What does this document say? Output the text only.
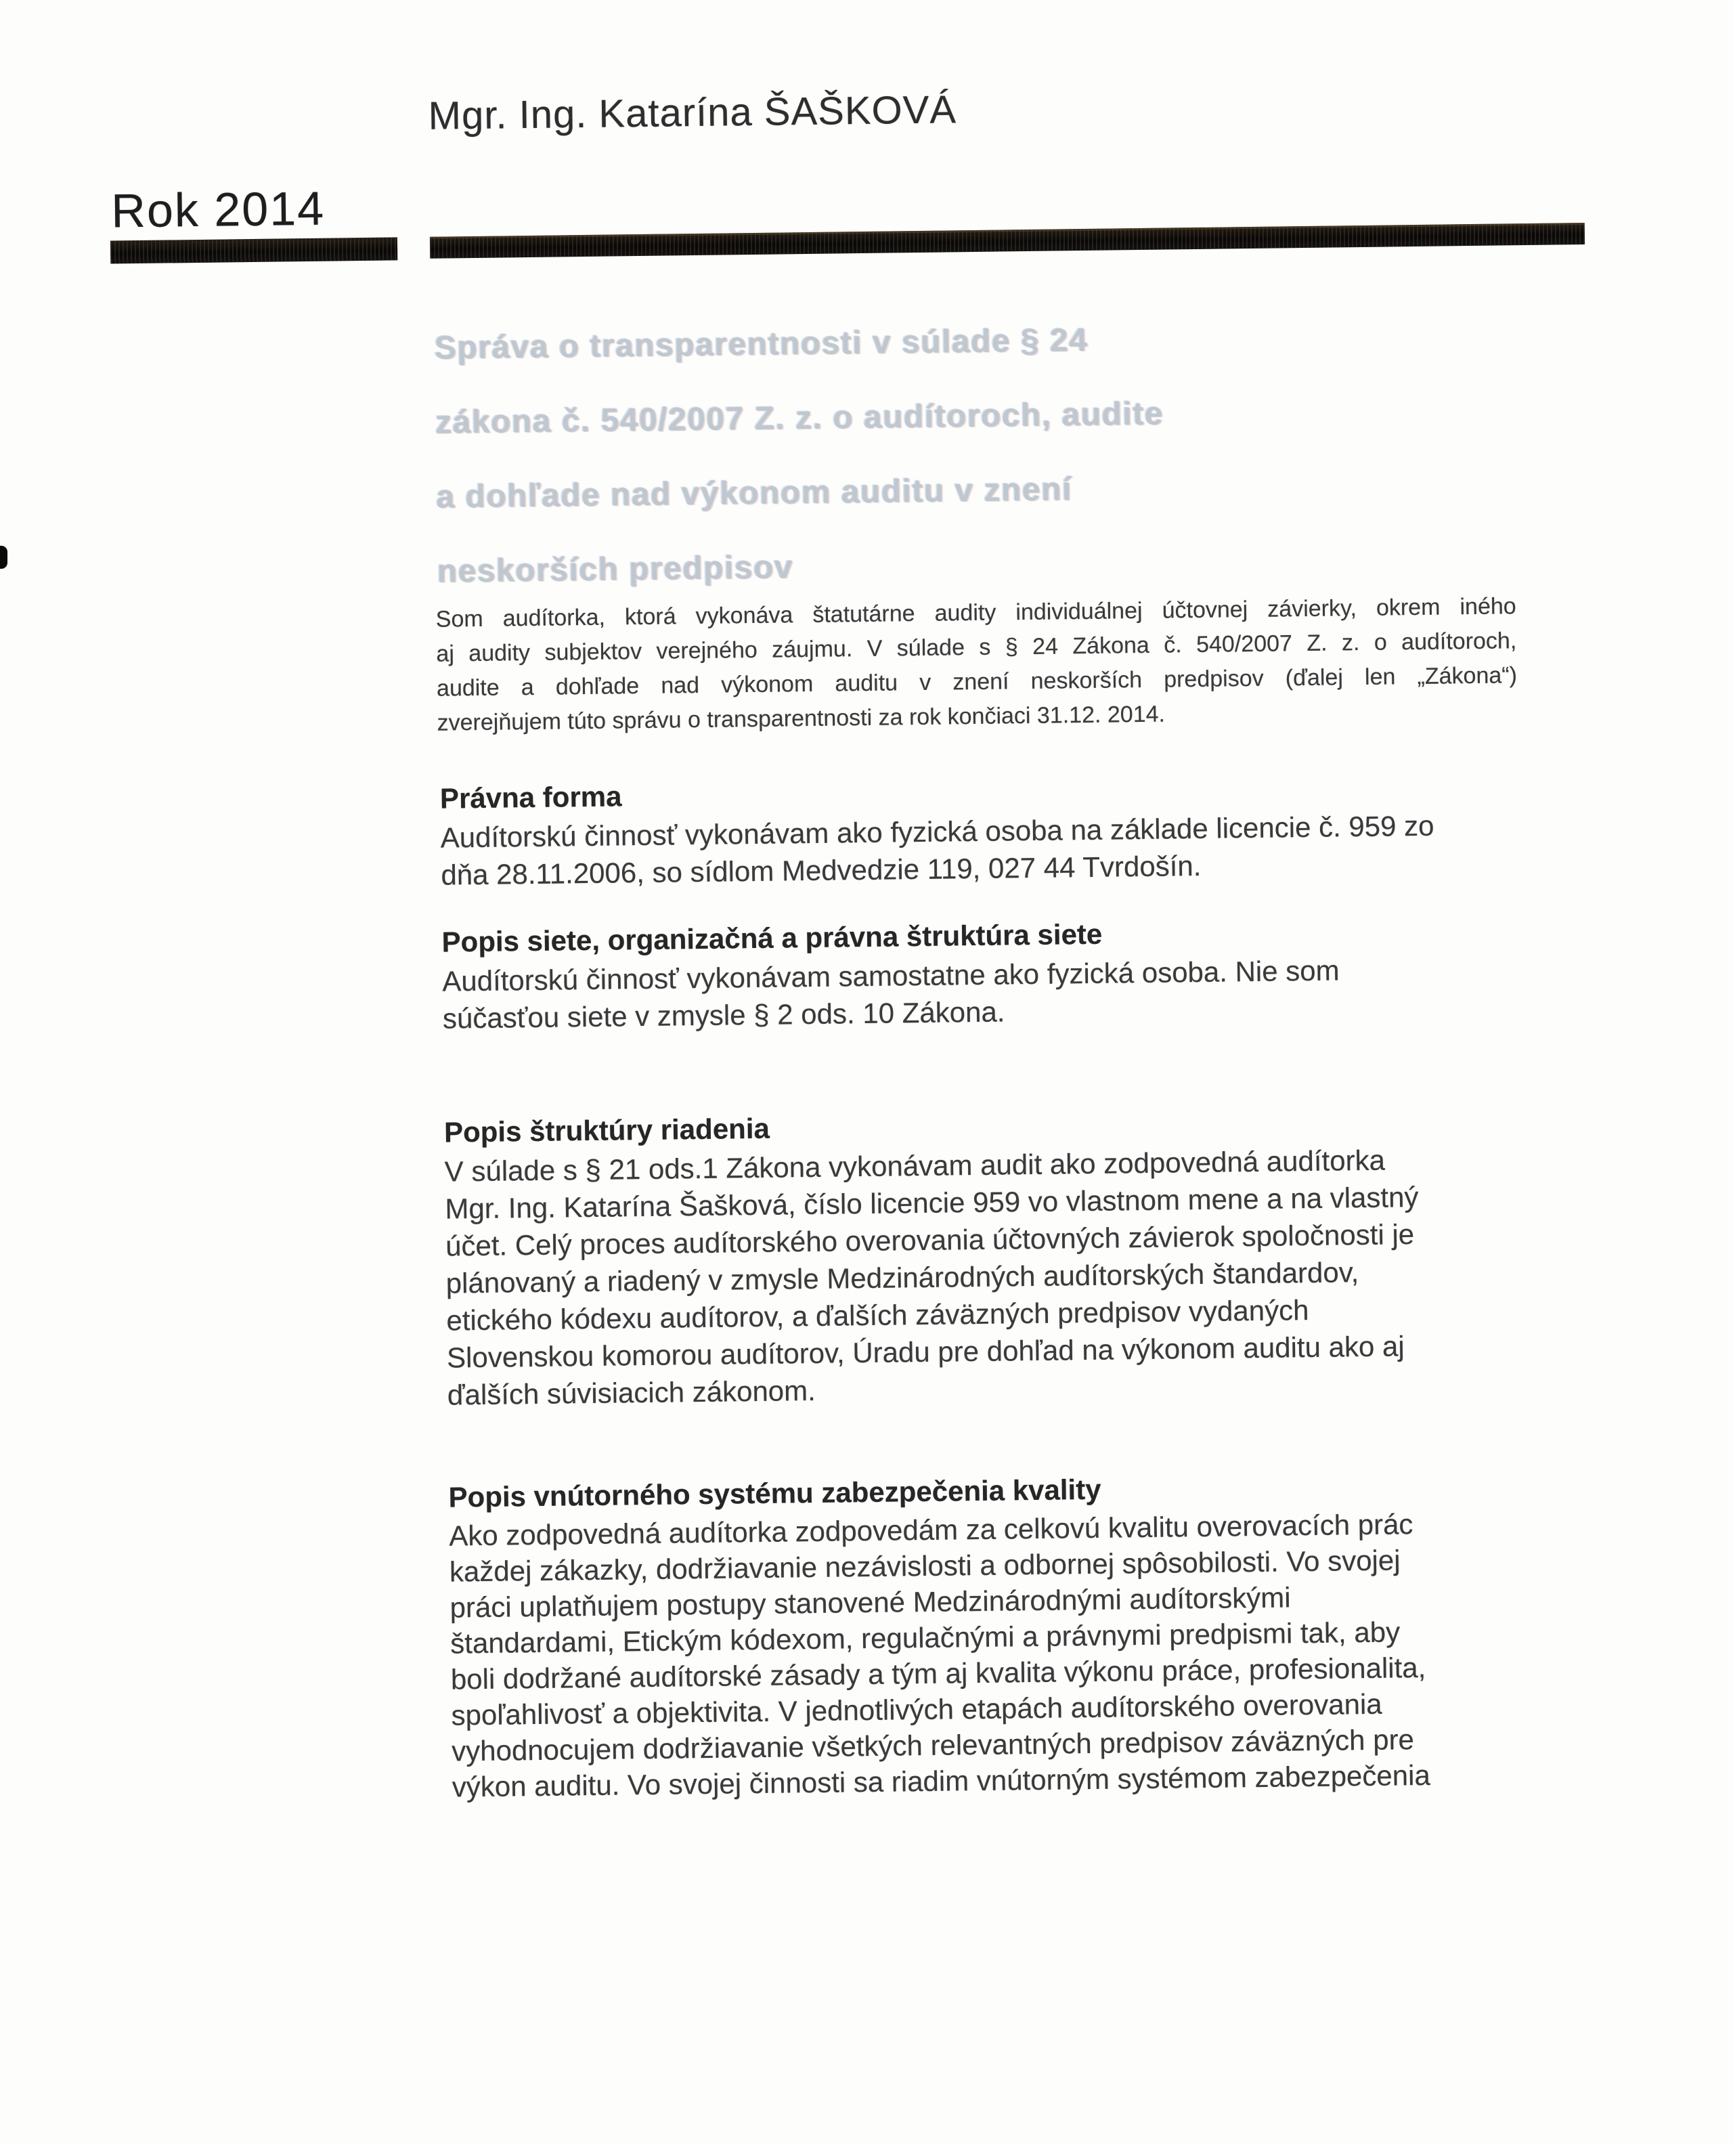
Mgr. Ing. Katarína ŠAŠKOVÁ
Rok 2014
Správa o transparentnosti v súlade § 24
zákona č. 540/2007 Z. z. o audítoroch, audite
a dohľade nad výkonom auditu v znení
neskorších predpisov
Som audítorka, ktorá vykonáva štatutárne audity individuálnej účtovnej závierky, okrem iného
aj audity subjektov verejného záujmu. V súlade s § 24 Zákona č. 540/2007 Z. z. o audítoroch,
audite a dohľade nad výkonom auditu v znení neskorších predpisov (ďalej len „Zákona“)
zverejňujem túto správu o transparentnosti za rok končiaci 31.12. 2014.
Právna forma
Audítorskú činnosť vykonávam ako fyzická osoba na základe licencie č. 959 zo
dňa 28.11.2006, so sídlom Medvedzie 119, 027 44 Tvrdošín.
Popis siete, organizačná a právna štruktúra siete
Audítorskú činnosť vykonávam samostatne ako fyzická osoba. Nie som
súčasťou siete v zmysle § 2 ods. 10 Zákona.
Popis štruktúry riadenia
V súlade s § 21 ods.1 Zákona vykonávam audit ako zodpovedná audítorka
Mgr. Ing. Katarína Šašková, číslo licencie 959 vo vlastnom mene a na vlastný
účet. Celý proces audítorského overovania účtovných závierok spoločnosti je
plánovaný a riadený v zmysle Medzinárodných audítorských štandardov,
etického kódexu audítorov, a ďalších záväzných predpisov vydaných
Slovenskou komorou audítorov, Úradu pre dohľad na výkonom auditu ako aj
ďalších súvisiacich zákonom.
Popis vnútorného systému zabezpečenia kvality
Ako zodpovedná audítorka zodpovedám za celkovú kvalitu overovacích prác
každej zákazky, dodržiavanie nezávislosti a odbornej spôsobilosti. Vo svojej
práci uplatňujem postupy stanovené Medzinárodnými audítorskými
štandardami, Etickým kódexom, regulačnými a právnymi predpismi tak, aby
boli dodržané audítorské zásady a tým aj kvalita výkonu práce, profesionalita,
spoľahlivosť a objektivita. V jednotlivých etapách audítorského overovania
vyhodnocujem dodržiavanie všetkých relevantných predpisov záväzných pre
výkon auditu. Vo svojej činnosti sa riadim vnútorným systémom zabezpečenia
